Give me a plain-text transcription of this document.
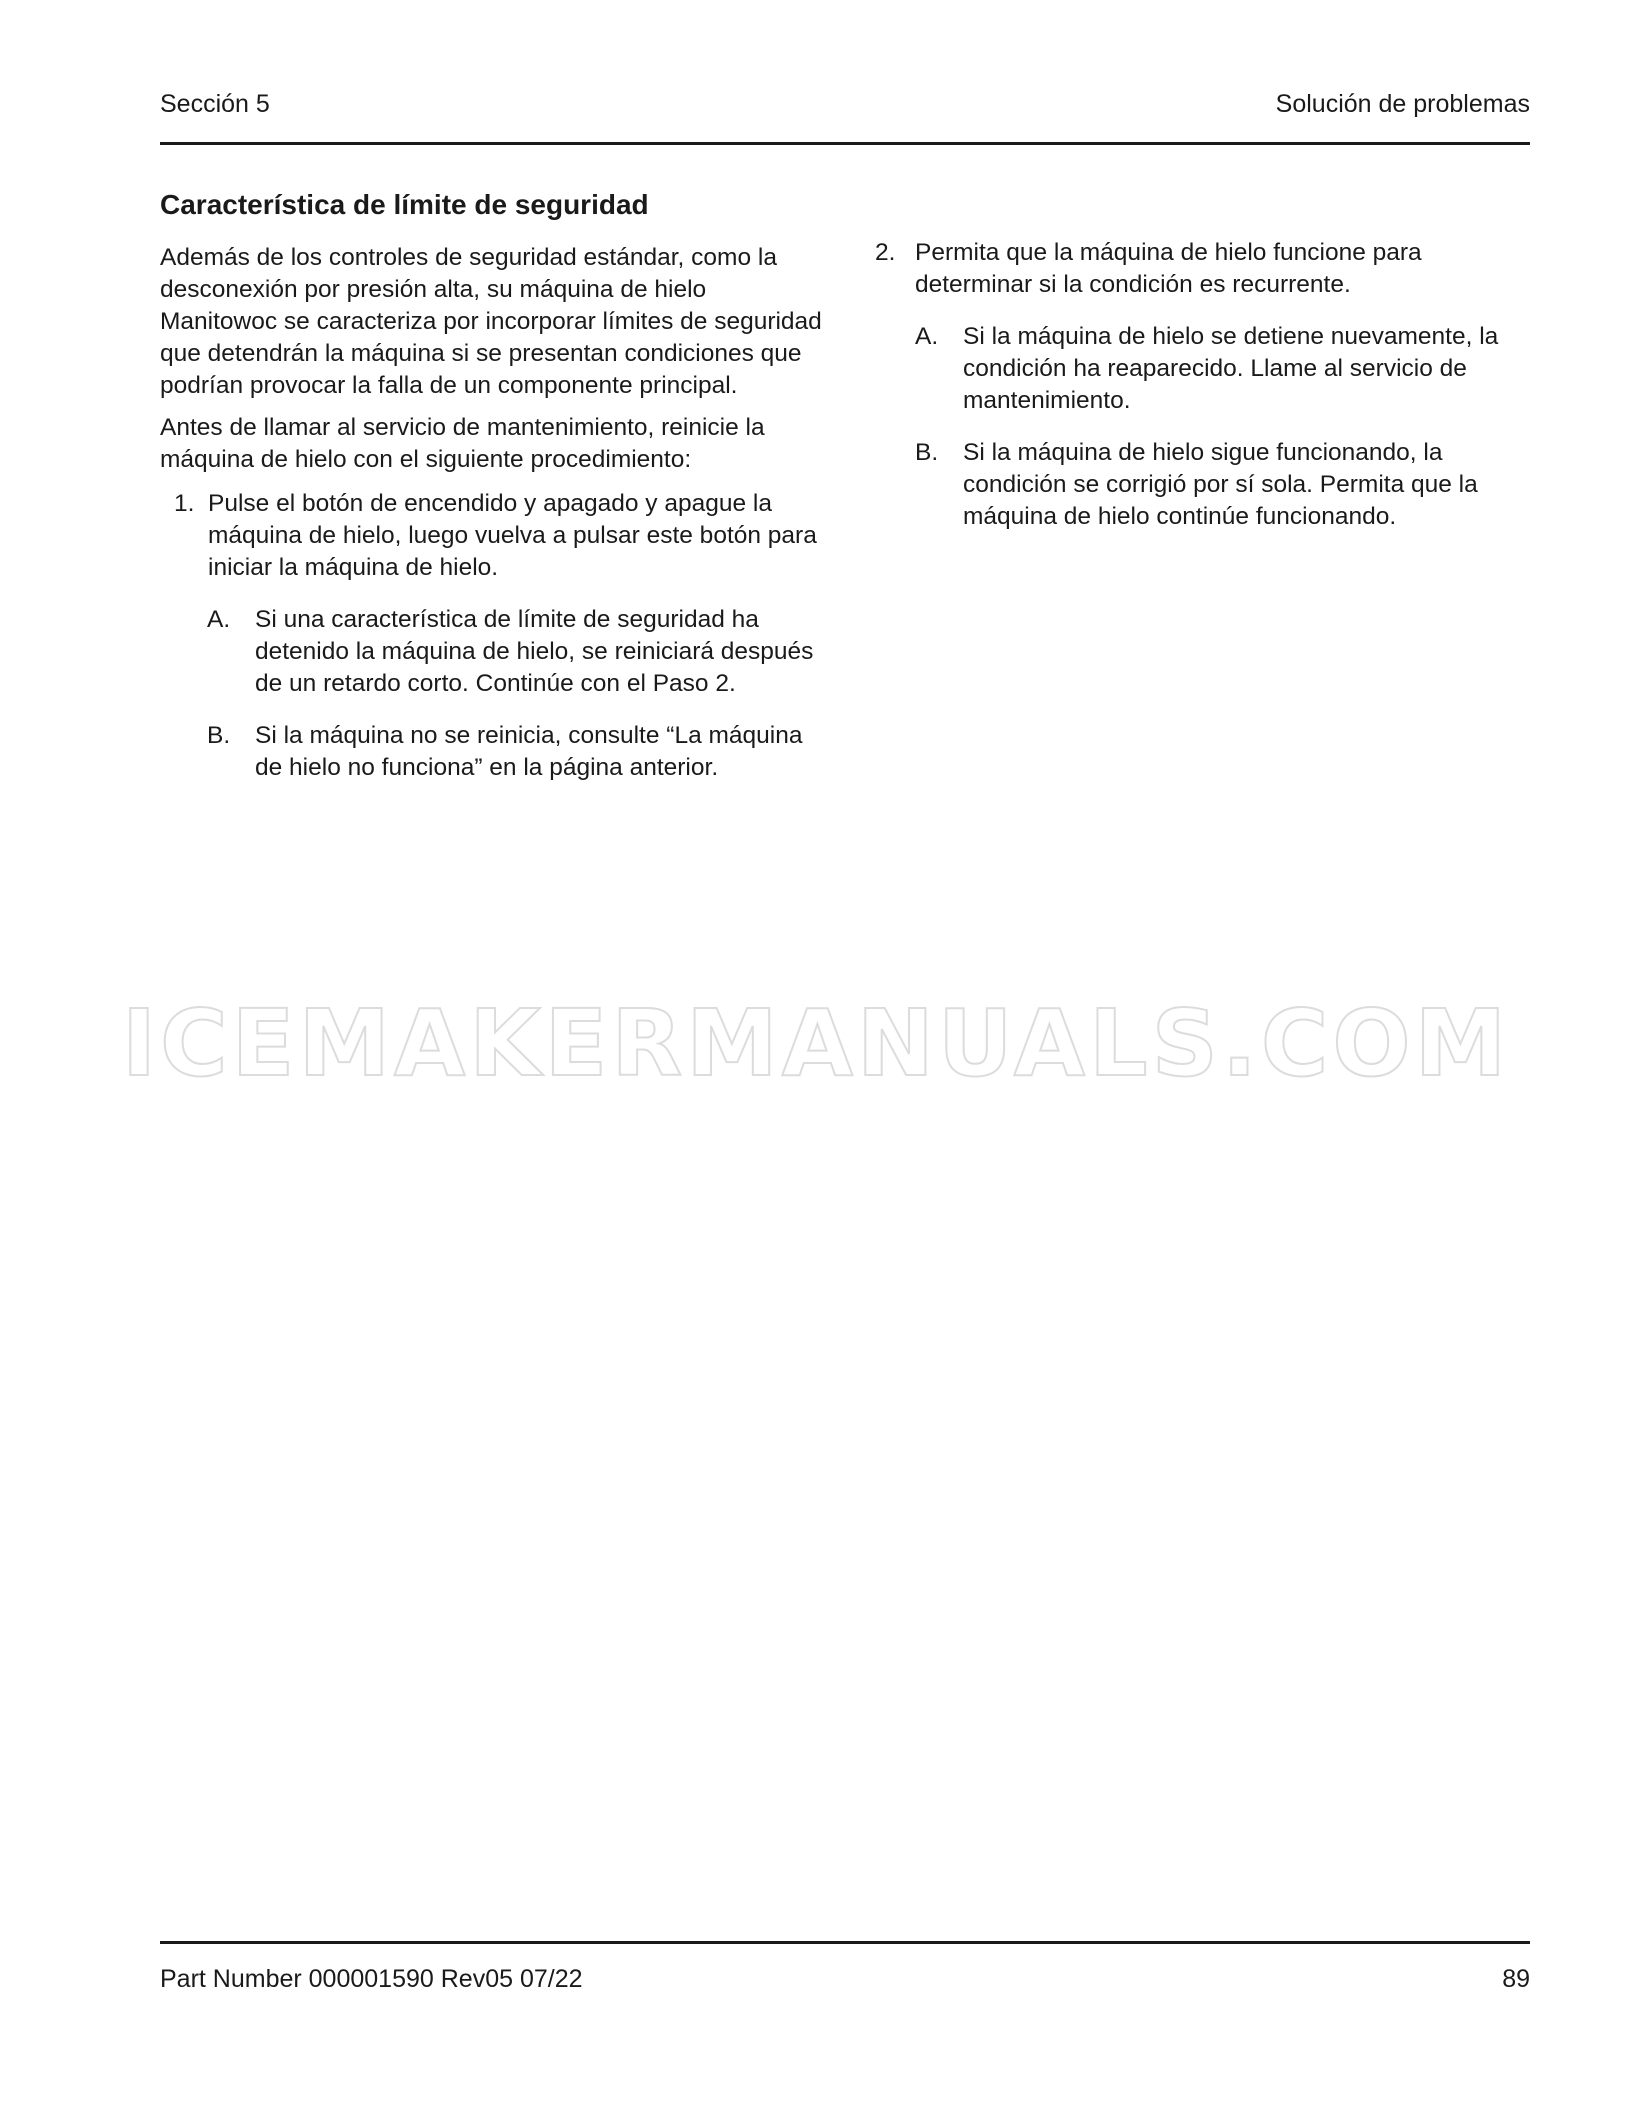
Sección 5	Solución de problemas
Característica de límite de seguridad

Además de los controles de seguridad estándar, como la desconexión por presión alta, su máquina de hielo Manitowoc se caracteriza por incorporar límites de seguridad que detendrán la máquina si se presentan condiciones que podrían provocar la falla de un componente principal.

Antes de llamar al servicio de mantenimiento, reinicie la máquina de hielo con el siguiente procedimiento:

1. Pulse el botón de encendido y apagado y apague la máquina de hielo, luego vuelva a pulsar este botón para iniciar la máquina de hielo.
A.	Si una característica de límite de seguridad ha detenido la máquina de hielo, se reiniciará después de un retardo corto. Continúe con el Paso 2.
B.	Si la máquina no se reinicia, consulte “La máquina de hielo no funciona” en la página anterior.
2. Permita que la máquina de hielo funcione para determinar si la condición es recurrente.
A.	Si la máquina de hielo se detiene nuevamente, la condición ha reaparecido. Llame al servicio de mantenimiento.
B.	Si la máquina de hielo sigue funcionando, la condición se corrigió por sí sola. Permita que la máquina de hielo continúe funcionando.
ICEMAKERMANUALS.COM
Part Number 000001590 Rev05 07/22	89
